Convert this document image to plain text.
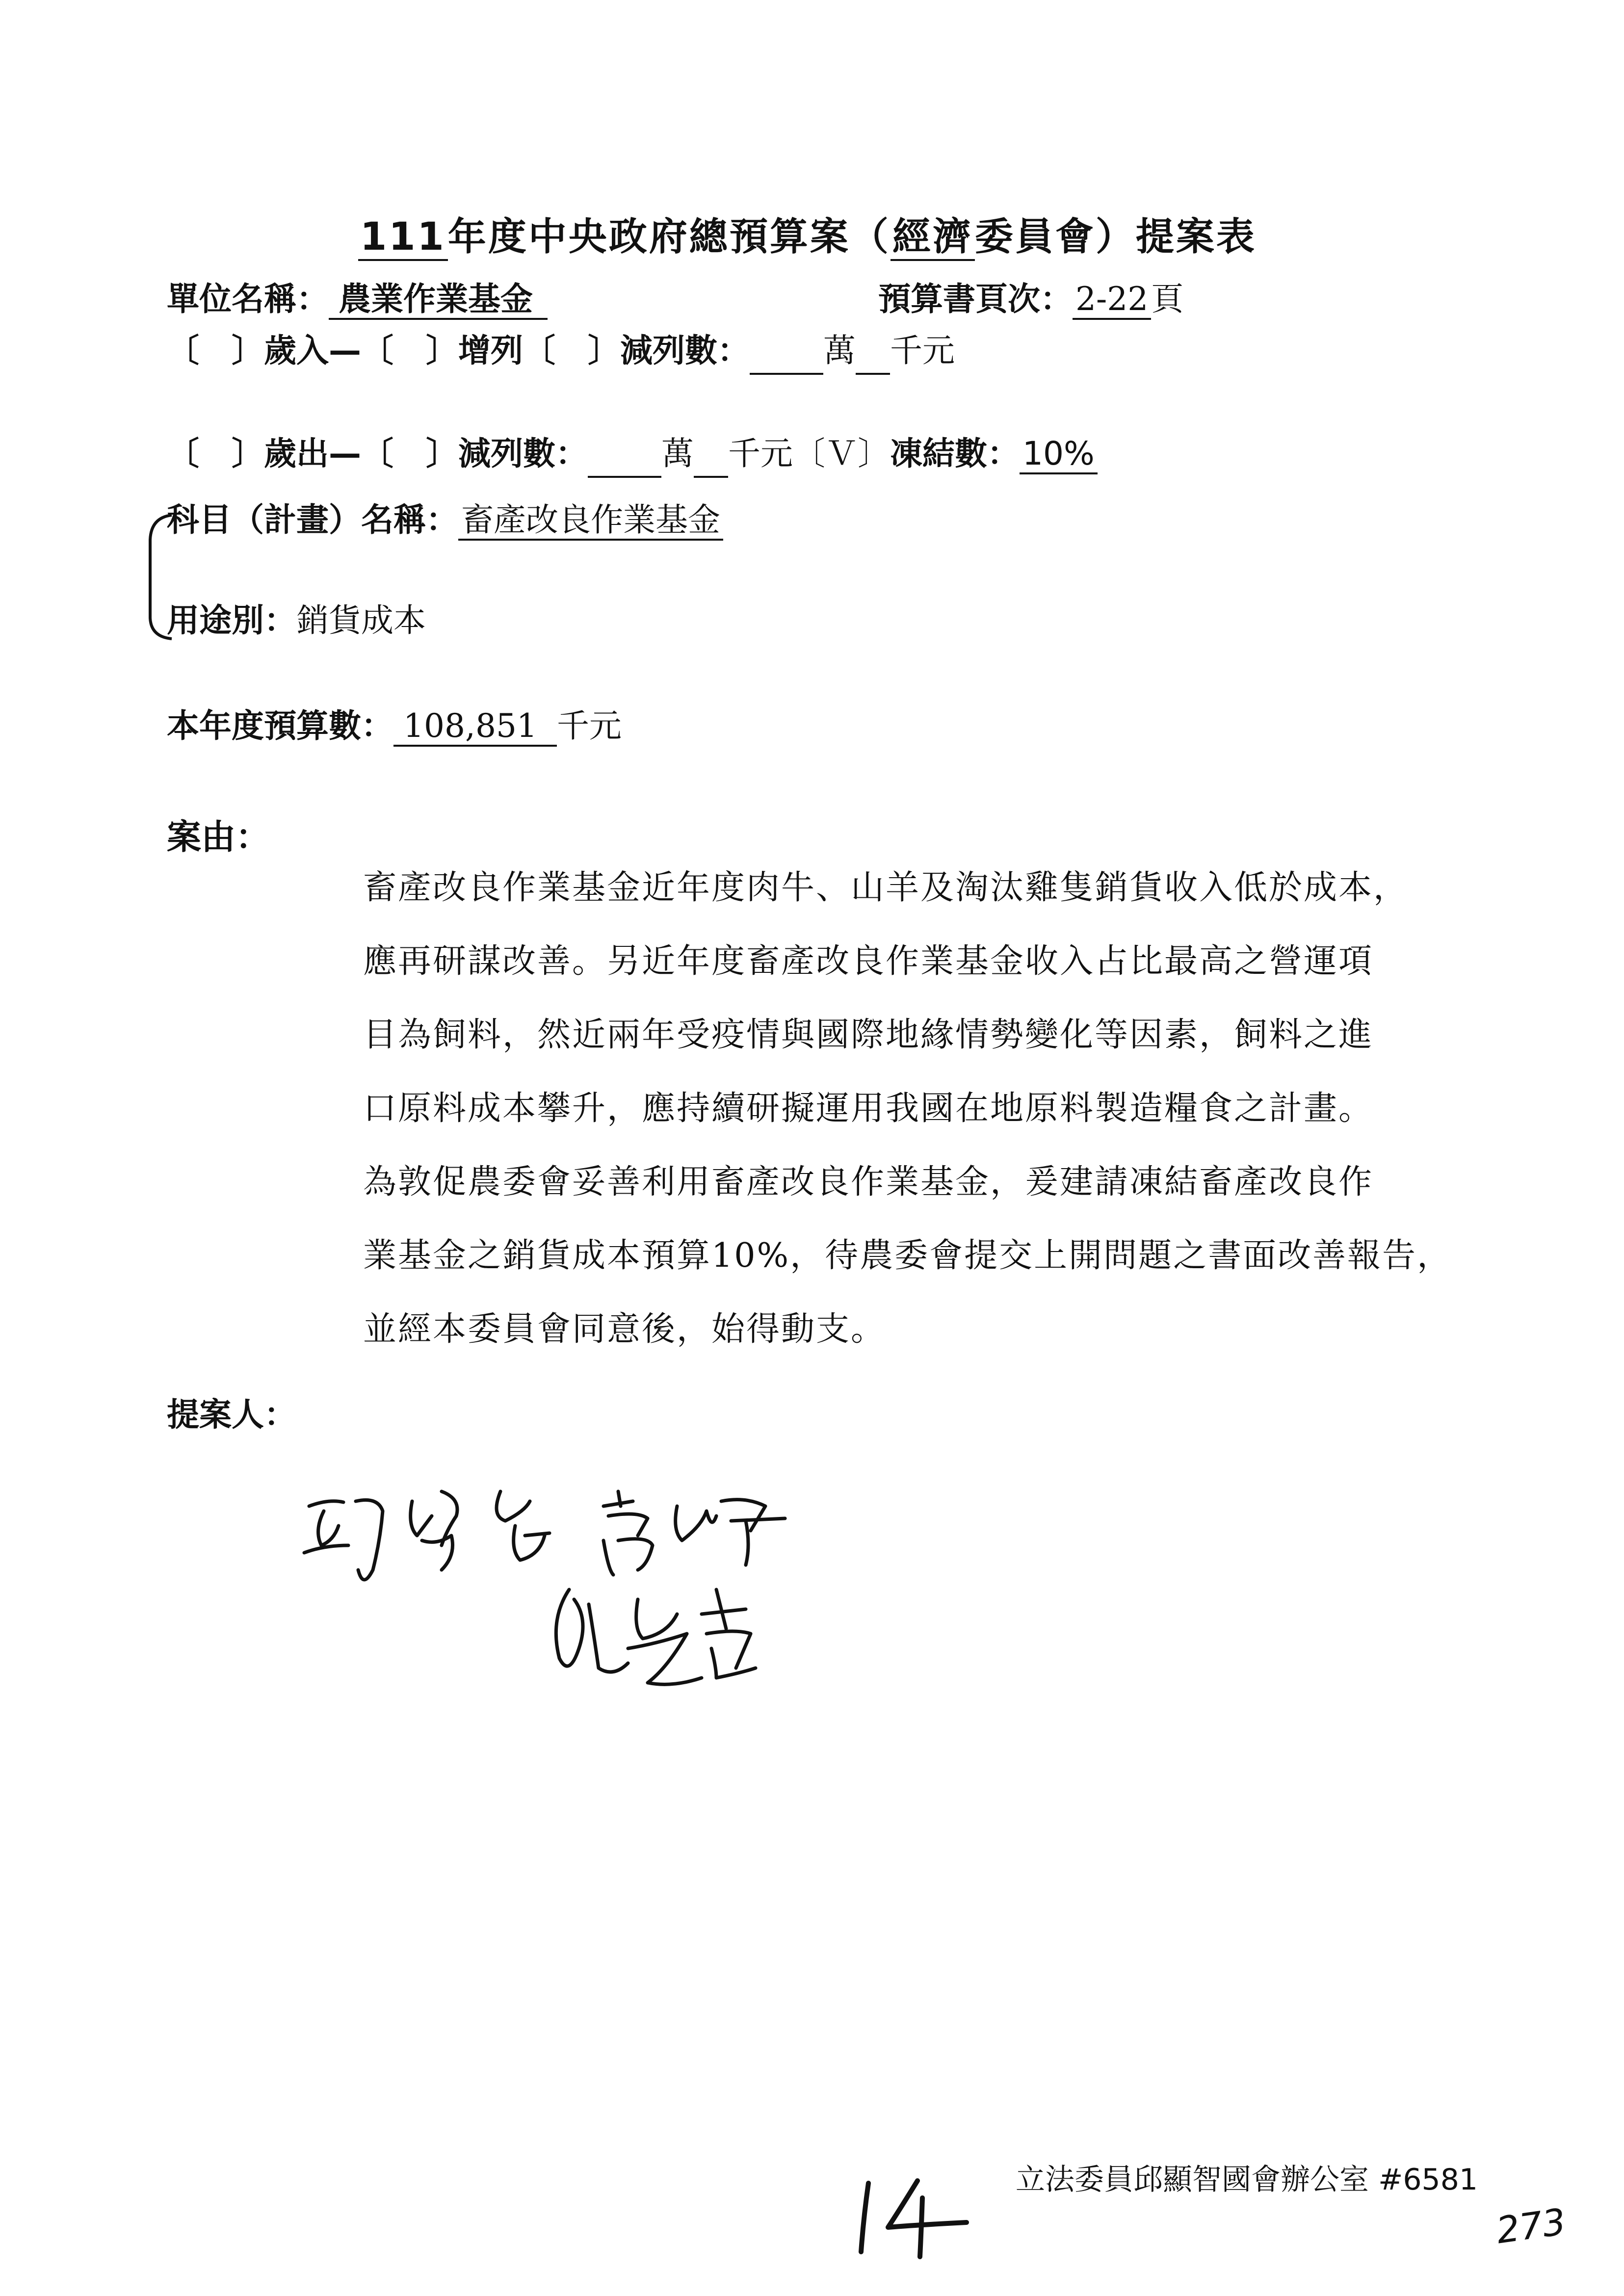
111年度中央政府總預算案（經濟委員會）提案表
單位名稱： 農業作業基金	預算書頁次：2-22頁
〔　〕歲入—〔　〕增列〔　〕減列數： 萬 千元
〔　〕歲出—〔　〕減列數： 萬 千元〔Ｖ〕凍結數：10%
科目（計畫）名稱：畜產改良作業基金
用途別：銷貨成本
本年度預算數： 108,851 千元
案由：

畜產改良作業基金近年度肉牛、山羊及淘汰雞隻銷貨收入低於成本，

應再研謀改善。另近年度畜產改良作業基金收入占比最高之營運項

目為飼料，然近兩年受疫情與國際地緣情勢變化等因素，飼料之進

口原料成本攀升，應持續研擬運用我國在地原料製造糧食之計畫。

為敦促農委會妥善利用畜產改良作業基金，爰建請凍結畜產改良作

業基金之銷貨成本預算10%，待農委會提交上開問題之書面改善報告，

並經本委員會同意後，始得動支。

提案人：
14	立法委員邱顯智國會辦公室 #6581
273
